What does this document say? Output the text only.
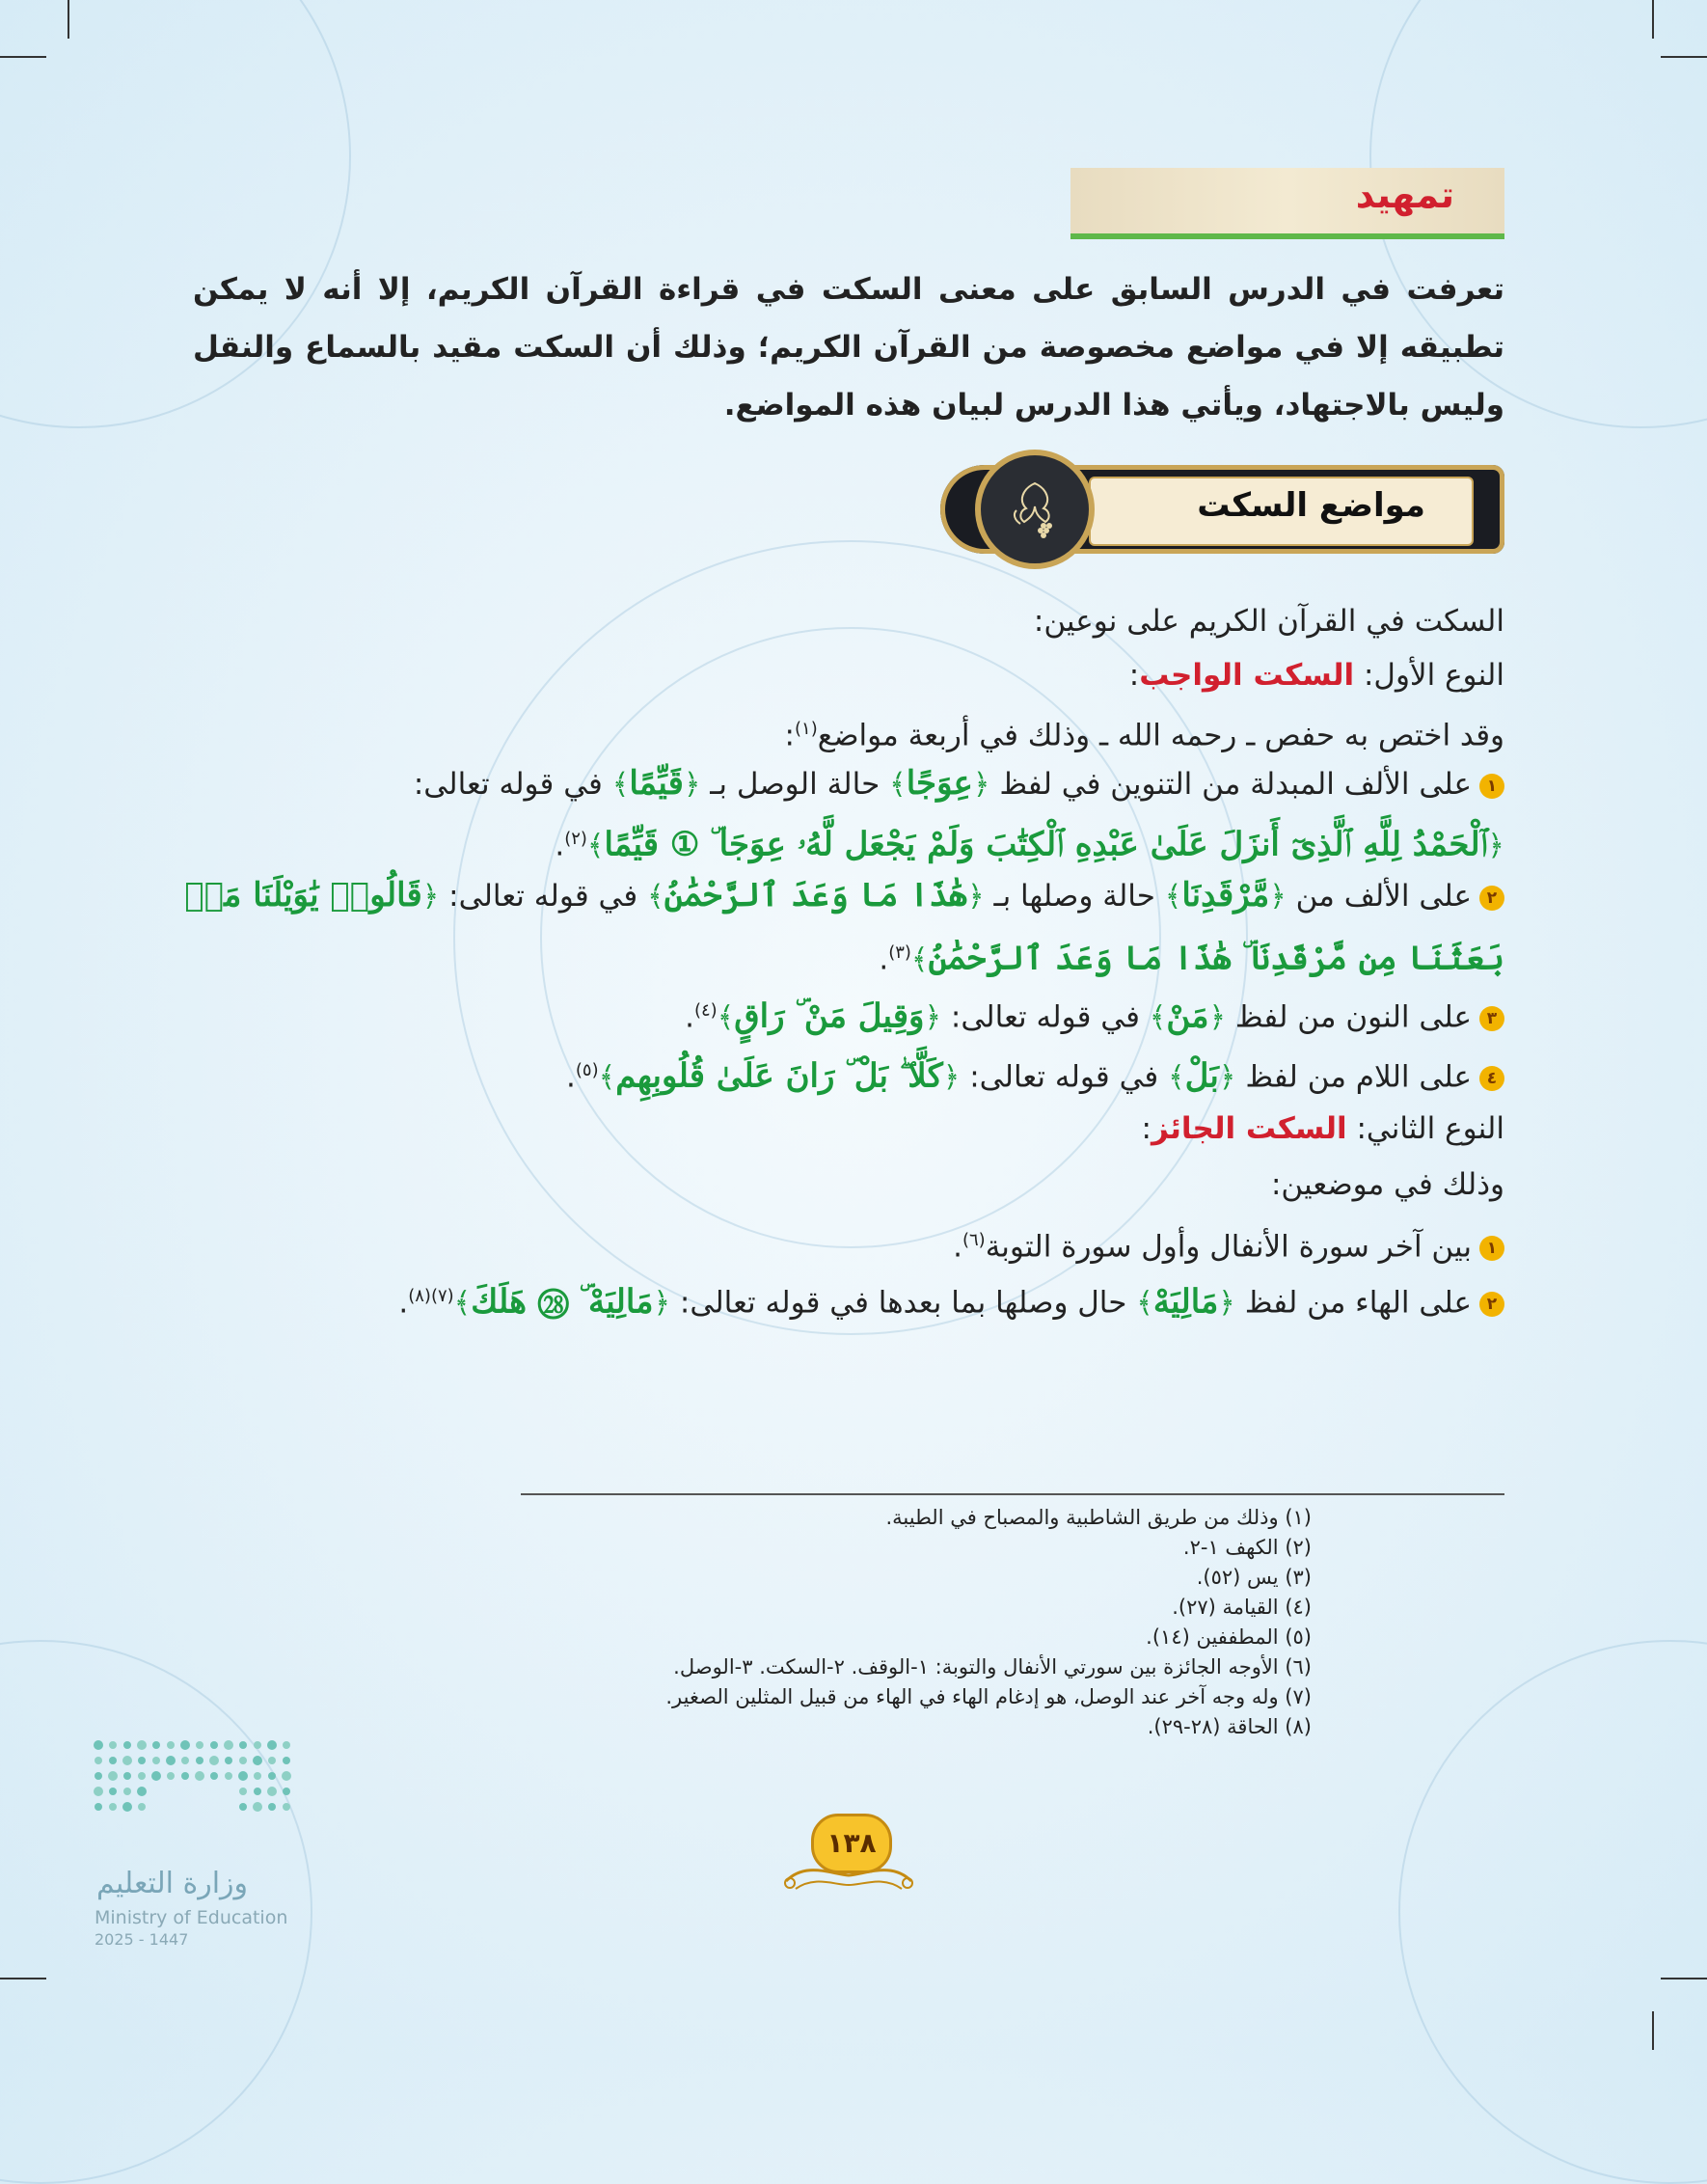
تمهيد
تعرفت في الدرس السابق على معنى السكت في قراءة القرآن الكريم، إلا أنه لا يمكن تطبيقه إلا في مواضع مخصوصة من القرآن الكريم؛ وذلك أن السكت مقيد بالسماع والنقل وليس بالاجتهاد، ويأتي هذا الدرس لبيان هذه المواضع.
مواضع السكت
السكت في القرآن الكريم على نوعين:
النوع الأول: السكت الواجب:
وقد اختص به حفص ـ رحمه الله ـ وذلك في أربعة مواضع$^{(١)}$:
١على الألف المبدلة من التنوين في لفظ ﴿عِوَجًا﴾ حالة الوصل بـ ﴿قَيِّمًا﴾ في قوله تعالى:
﴿ٱلْحَمْدُ لِلَّهِ ٱلَّذِىٓ أَنزَلَ عَلَىٰ عَبْدِهِ ٱلْكِتَٰبَ وَلَمْ يَجْعَل لَّهُۥ عِوَجَا ۜ ① قَيِّمًا﴾$^{(٢)}$.
٢على الألف من ﴿مَّرْقَدِنَا﴾ حالة وصلها بـ ﴿هَٰذَا مَا وَعَدَ ٱلرَّحْمَٰنُ﴾ في قوله تعالى: ﴿قَالُوا۟ يَٰوَيْلَنَا مَنۢ
بَعَثَنَا مِن مَّرْقَدِنَا ۜ هَٰذَا مَا وَعَدَ ٱلرَّحْمَٰنُ﴾$^{(٣)}$.
٣على النون من لفظ ﴿مَنْ﴾ في قوله تعالى: ﴿وَقِيلَ مَنْ ۜ رَاقٍ﴾$^{(٤)}$.
٤على اللام من لفظ ﴿بَلْ﴾ في قوله تعالى: ﴿كَلَّا ۖ بَلْ ۜ رَانَ عَلَىٰ قُلُوبِهِم﴾$^{(٥)}$.
النوع الثاني: السكت الجائز:
وذلك في موضعين:
١بين آخر سورة الأنفال وأول سورة التوبة$^{(٦)}$.
٢على الهاء من لفظ ﴿مَالِيَهْ﴾ حال وصلها بما بعدها في قوله تعالى: ﴿مَالِيَهْ ۜ ㉘ هَلَكَ﴾$^{(٧)(٨)}$.
(١) وذلك من طريق الشاطبية والمصباح في الطيبة.
(٢) الكهف ١-٢.
(٣) يس (٥٢).
(٤) القيامة (٢٧).
(٥) المطففين (١٤).
(٦) الأوجه الجائزة بين سورتي الأنفال والتوبة: ١-الوقف. ٢-السكت. ٣-الوصل.
(٧) وله وجه آخر عند الوصل، هو إدغام الهاء في الهاء من قبيل المثلين الصغير.
(٨) الحاقة (٢٨-٢٩).
١٣٨
وزارة التعليم
Ministry of Education
2025 - 1447
